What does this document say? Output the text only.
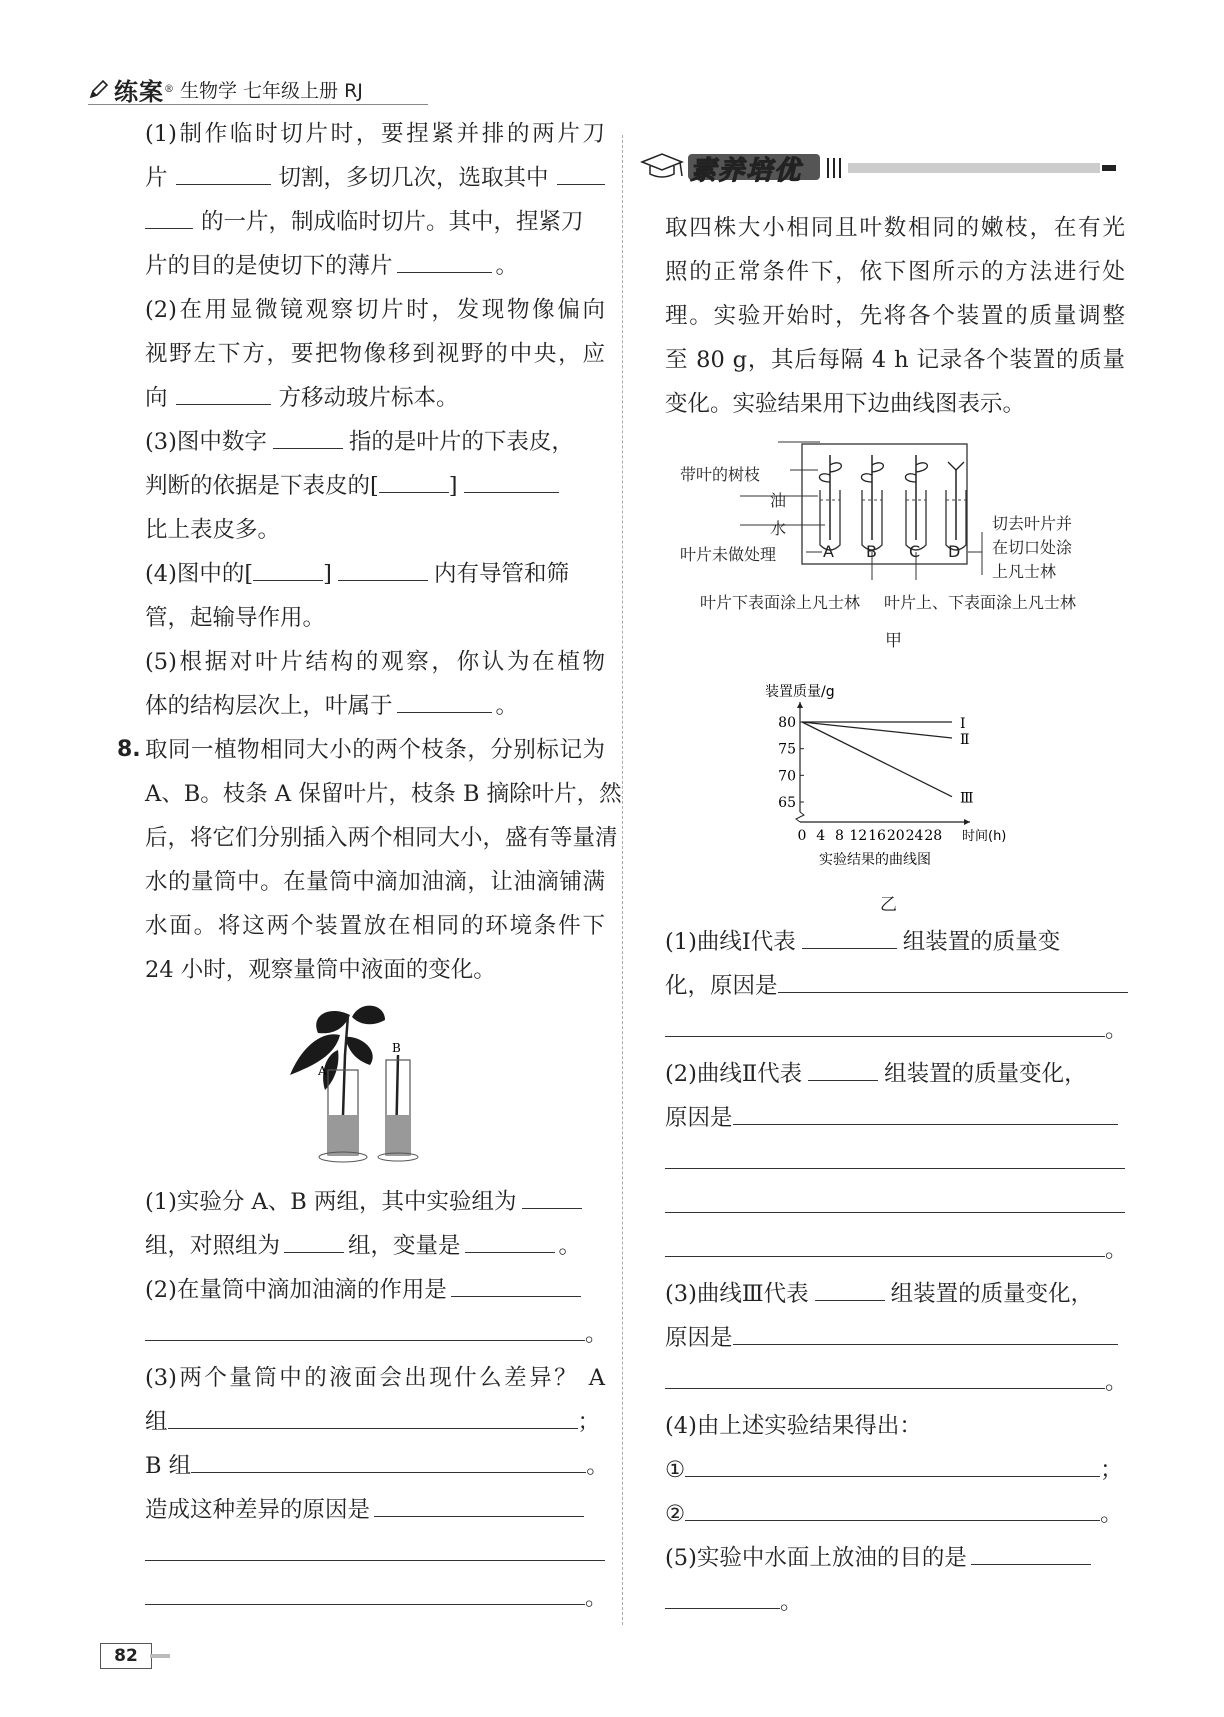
练案 ® 生物学 七年级上册 RJ
(1)制作临时切片时，要捏紧并排的两片刀
片	切割，多切几次，选取其中
的一片，制成临时切片。其中，捏紧刀
片的目的是使切下的薄片	。
(2)在用显微镜观察切片时，发现物像偏向
视野左下方，要把物像移到视野的中央，应
向	方移动玻片标本。
(3)图中数字	指的是叶片的下表皮，
判断的依据是下表皮的[	]
比上表皮多。
(4)图中的[	]	内有导管和筛
管，起输导作用。
(5)根据对叶片结构的观察，你认为在植物
体的结构层次上，叶属于	。
8. 取同一植物相同大小的两个枝条，分别标记为
A、B。枝条 A 保留叶片，枝条 B 摘除叶片，然
后，将它们分别插入两个相同大小，盛有等量清
水的量筒中。在量筒中滴加油滴，让油滴铺满
水面。将这两个装置放在相同的环境条件下
24 小时，观察量筒中液面的变化。
A
B
(1)实验分 A、B 两组，其中实验组为
组，对照组为	组，变量是	。
(2)在量筒中滴加油滴的作用是
。
(3)两个量筒中的液面会出现什么差异？ A
组	；
B 组	。
造成这种差异的原因是
。
素养培优
取四株大小相同且叶数相同的嫩枝，在有光
照的正常条件下，依下图所示的方法进行处
理。实验开始时，先将各个装置的质量调整
至 80 g，其后每隔 4 h 记录各个装置的质量
变化。实验结果用下边曲线图表示。
带叶的树枝
油
水
叶片未做处理	A B C D
切去叶片并
在切口处涂
上凡士林
叶片下表面涂上凡士林 叶片上、下表面涂上凡士林
甲
65
70
75
80
0 4 8 12 16 20 24 28
装置质量/g
时间(h)
实验结果的曲线图
Ⅰ
Ⅱ
Ⅲ
乙
(1)曲线Ⅰ代表	组装置的质量变
化，原因是
。
(2)曲线Ⅱ代表	组装置的质量变化，
原因是
。
(3)曲线Ⅲ代表	组装置的质量变化，
原因是
。
(4)由上述实验结果得出：
①	；
②	。
(5)实验中水面上放油的目的是
。
82
